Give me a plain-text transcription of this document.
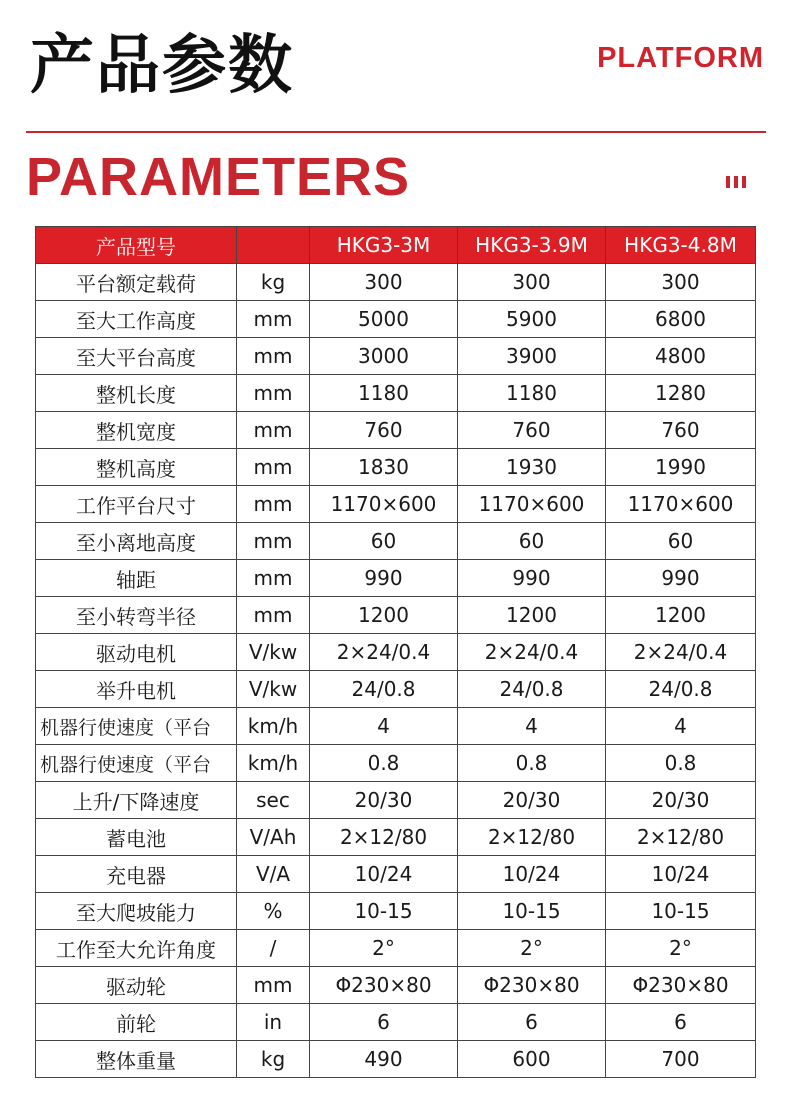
产品参数	PLATFORM
PARAMETERS
产品型号		HKG3-3M	HKG3-3.9M	HKG3-4.8M
平台额定载荷	kg	300	300	300
至大工作高度	mm	5000	5900	6800
至大平台高度	mm	3000	3900	4800
整机长度	mm	1180	1180	1280
整机宽度	mm	760	760	760
整机高度	mm	1830	1930	1990
工作平台尺寸	mm	1170×600	1170×600	1170×600
至小离地高度	mm	60	60	60
轴距	mm	990	990	990
至小转弯半径	mm	1200	1200	1200
驱动电机	V/kw	2×24/0.4	2×24/0.4	2×24/0.4
举升电机	V/kw	24/0.8	24/0.8	24/0.8
机器行使速度（平台	km/h	4	4	4
机器行使速度（平台	km/h	0.8	0.8	0.8
上升/下降速度	sec	20/30	20/30	20/30
蓄电池	V/Ah	2×12/80	2×12/80	2×12/80
充电器	V/A	10/24	10/24	10/24
至大爬坡能力	%	10-15	10-15	10-15
工作至大允许角度	/	2°	2°	2°
驱动轮	mm	Φ230×80	Φ230×80	Φ230×80
前轮	in	6	6	6
整体重量	kg	490	600	700
